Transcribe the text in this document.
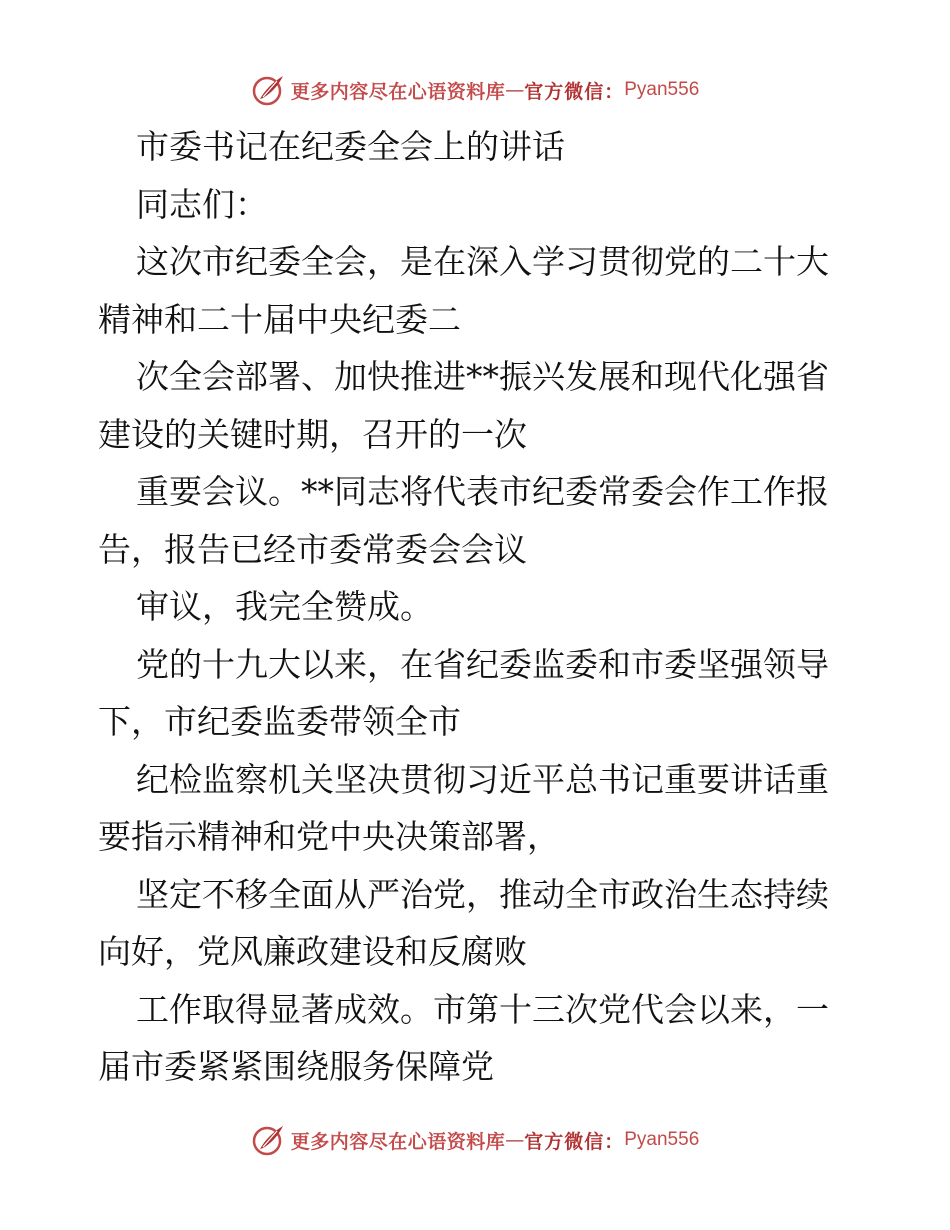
更多内容尽在心语资料库 — 官方微信： Pyan556

市委书记在纪委全会上的讲话

同志们：

这次市纪委全会，是在深入学习贯彻党的二十大

精神和二十届中央纪委二

次全会部署、加快推进**振兴发展和现代化强省

建设的关键时期，召开的一次

重要会议。**同志将代表市纪委常委会作工作报

告，报告已经市委常委会会议

审议，我完全赞成。

党的十九大以来，在省纪委监委和市委坚强领导

下，市纪委监委带领全市

纪检监察机关坚决贯彻习近平总书记重要讲话重

要指示精神和党中央决策部署，

坚定不移全面从严治党，推动全市政治生态持续

向好，党风廉政建设和反腐败

工作取得显著成效。市第十三次党代会以来，一

届市委紧紧围绕服务保障党

更多内容尽在心语资料库 — 官方微信： Pyan556
